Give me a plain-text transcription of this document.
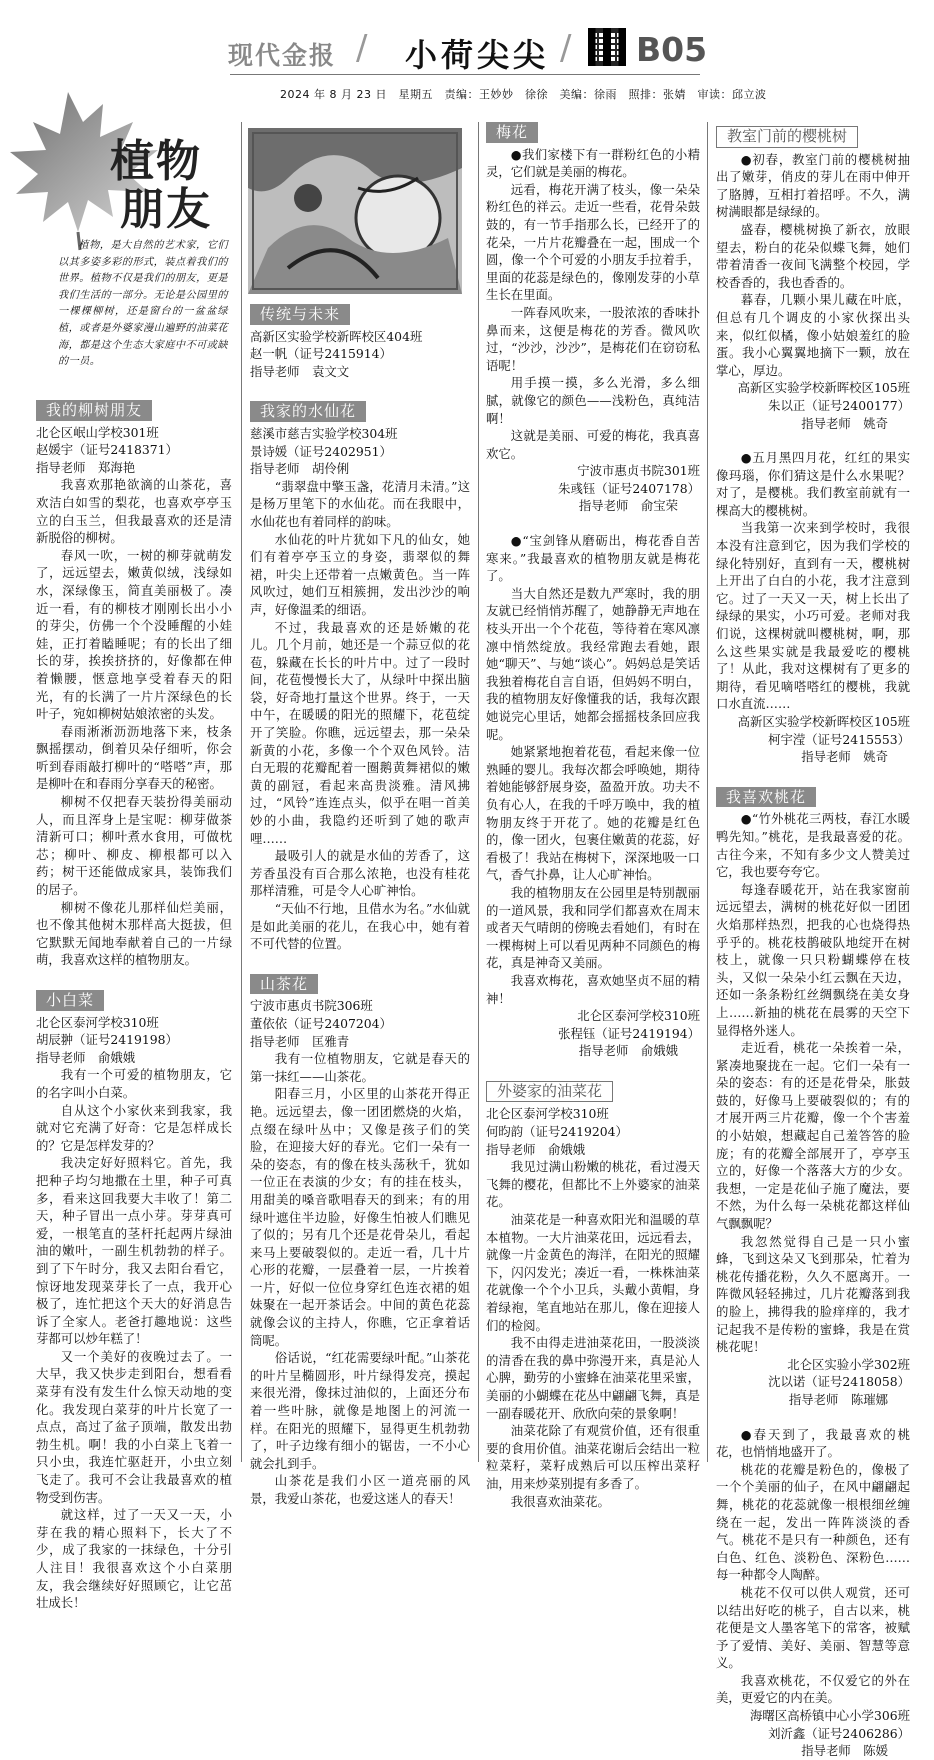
现代金报 / 小荷尖尖 / B05
2024 年 8 月 23 日　星期五　责编：王妙妙　徐徐　美编：徐雨　照排：张婧　审读：邱立波
植物
朋友

植物，是大自然的艺术家，它们以其多姿多彩的形式，装点着我们的世界。植物不仅是我们的朋友，更是我们生活的一部分。无论是公园里的一棵棵柳树，还是窗台的一盆盆绿植，或者是外婆家漫山遍野的油菜花海，都是这个生态大家庭中不可或缺的一员。

我的柳树朋友

北仑区岷山学校301班

赵媛宇（证号2418371）

指导老师　郑海艳

我喜欢那艳欲滴的山茶花，喜欢洁白如雪的梨花，也喜欢亭亭玉立的白玉兰，但我最喜欢的还是清新脱俗的柳树。

春风一吹，一树的柳芽就萌发了，远远望去，嫩黄似绒，浅绿如水，深绿像玉，简直美丽极了。凑近一看，有的柳枝才刚刚长出小小的芽尖，仿佛一个个没睡醒的小娃娃，正打着瞌睡呢；有的长出了细长的芽，挨挨挤挤的，好像都在伸着懒腰，惬意地享受着春天的阳光，有的长满了一片片深绿色的长叶子，宛如柳树姑娘浓密的头发。

春雨淅淅沥沥地落下来，枝条飘摇摆动，倒着贝朵仔细听，你会听到春雨敲打柳叶的“嗒嗒”声，那是柳叶在和春雨分享春天的秘密。

柳树不仅把春天装扮得美丽动人，而且浑身上是宝呢：柳芽做茶清新可口；柳叶煮水食用，可做枕芯；柳叶、柳皮、柳根都可以入药；树干还能做成家具，装饰我们的居子。

柳树不像花儿那样仙烂美丽，也不像其他树木那样高大挺拔，但它默默无闻地奉献着自己的一片绿萌，我喜欢这样的植物朋友。

小白菜

北仑区泰河学校310班

胡辰翀（证号2419198）

指导老师　俞娥娥

我有一个可爱的植物朋友，它的名字叫小白菜。

自从这个小家伙来到我家，我就对它充满了好奇：它是怎样成长的？它是怎样发芽的？

我决定好好照料它。首先，我把种子均匀地撒在土里，种子可真多，看来这回我要大丰收了！第二天，种子冒出一点小芽。芽芽真可爱，一根笔直的茎杆托起两片绿油油的嫩叶，一副生机勃勃的样子。到了下午时分，我又去阳台看它，惊讶地发现菜芽长了一点，我开心极了，连忙把这个天大的好消息告诉了全家人。老爸打趣地说：这些芽都可以炒年糕了！

又一个美好的夜晚过去了。一大早，我又快步走到阳台，想看看菜芽有没有发生什么惊天动地的变化。我发现白菜芽的叶片长宽了一点点，高过了盆子顶端，散发出勃勃生机。啊！我的小白菜上飞着一只小虫，我连忙驱赶开，小虫立刻飞走了。我可不会让我最喜欢的植物受到伤害。

就这样，过了一天又一天，小芽在我的精心照料下，长大了不少，成了我家的一抹绿色，十分引人注目！我很喜欢这个小白菜朋友，我会继续好好照顾它，让它茁壮成长！

传统与未来

高新区实验学校新晖校区404班

赵一帆（证号2415914）

指导老师　袁文文

我家的水仙花

慈溪市慈吉实验学校304班

景诗媛（证号2402951）

指导老师　胡伶俐

“翡翠盘中擎玉盏，花清月未清。”这是杨万里笔下的水仙花。而在我眼中，水仙花也有着同样的韵味。

水仙花的叶片犹如下凡的仙女，她们有着亭亭玉立的身姿，翡翠似的舞裙，叶尖上还带着一点嫩黄色。当一阵风吹过，她们互相簇拥，发出沙沙的响声，好像温柔的细语。

不过，我最喜欢的还是娇嫩的花儿。几个月前，她还是一个蒜豆似的花苞，躲藏在长长的叶片中。过了一段时间，花苞慢慢长大了，从绿叶中探出脑袋，好奇地打量这个世界。终于，一天中午，在暖暖的阳光的照耀下，花苞绽开了笑脸。你瞧，远远望去，那一朵朵新黄的小花，多像一个个双色风铃。洁白无瑕的花瓣配着一圈鹅黄舞裙似的嫩黄的副冠，看起来高贵淡雅。清风拂过，“风铃”连连点头，似乎在唱一首美妙的小曲，我隐约还听到了她的歌声哩……

最吸引人的就是水仙的芳香了，这芳香虽没有百合那么浓艳，也没有桂花那样清雅，可是令人心旷神怡。

“天仙不行地，且借水为名。”水仙就是如此美丽的花儿，在我心中，她有着不可代替的位置。

山茶花

宁波市惠贞书院306班

董依依（证号2407204）

指导老师　匡雅青

我有一位植物朋友，它就是春天的第一抹红——山茶花。

阳春三月，小区里的山茶花开得正艳。远远望去，像一团团燃烧的火焰，点缀在绿叶丛中；又像是孩子们的笑脸，在迎接大好的春光。它们一朵有一朵的姿态，有的像在枝头荡秋千，犹如一位正在表演的少女；有的挂在枝头，用甜美的嗓音歌唱春天的到来；有的用绿叶遮住半边脸，好像生怕被人们瞧见了似的；另有几个还是花骨朵儿，看起来马上要破裂似的。走近一看，几十片心形的花瓣，一层叠着一层，一片挨着一片，好似一位位身穿红色连衣裙的姐妹聚在一起开茶话会。中间的黄色花蕊就像会议的主持人，你瞧，它正拿着话筒呢。

俗话说，“红花需要绿叶配。”山茶花的叶片呈椭圆形，叶片绿得发亮，摸起来很光滑，像抹过油似的，上面还分布着一些叶脉，就像是地图上的河流一样。在阳光的照耀下，显得更生机勃勃了，叶子边缘有细小的锯齿，一不小心就会扎到手。

山茶花是我们小区一道亮丽的风景，我爱山茶花，也爱这迷人的春天！

梅花

●我们家楼下有一群粉红色的小精灵，它们就是美丽的梅花。

远看，梅花开满了枝头，像一朵朵粉红色的祥云。走近一些看，花骨朵鼓鼓的，有一节手指那么长，已经开了的花朵，一片片花瓣叠在一起，围成一个圆，像一个个可爱的小朋友手拉着手，里面的花蕊是绿色的，像刚发芽的小草生长在里面。

一阵春风吹来，一股浓浓的香味扑鼻而来，这便是梅花的芳香。微风吹过，“沙沙，沙沙”，是梅花们在窃窃私语呢！

用手摸一摸，多么光滑，多么细腻，就像它的颜色——浅粉色，真纯洁啊！

这就是美丽、可爱的梅花，我真喜欢它。

宁波市惠贞书院301班

朱彧钰（证号2407178）

指导老师　俞宝荣

●“宝剑锋从磨砺出，梅花香自苦寒来。”我最喜欢的植物朋友就是梅花了。

当大自然还是数九严寒时，我的朋友就已经悄悄苏醒了，她静静无声地在枝头开出一个个花苞，等待着在寒风凛凛中悄然绽放。我经常跑去看她，跟她“聊天”、与她“谈心”。妈妈总是笑话我独着梅花自言自语，但妈妈不明白，我的植物朋友好像懂我的话，我每次跟她说完心里话，她都会摇摇枝条回应我呢。

她紧紧地抱着花苞，看起来像一位熟睡的婴儿。我每次都会呼唤她，期待着她能够舒展身姿，盈盈开放。功夫不负有心人，在我的千呼万唤中，我的植物朋友终于开花了。她的花瓣是红色的，像一团火，包裹住嫩黄的花蕊，好看极了！我站在梅树下，深深地吸一口气，香气扑鼻，让人心旷神怡。

我的植物朋友在公园里是特别靓丽的一道风景，我和同学们都喜欢在周末或者天气晴朗的傍晚去看她们，有时在一棵梅树上可以看见两种不同颜色的梅花，真是神奇又美丽。

我喜欢梅花，喜欢她坚贞不屈的精神！

北仑区泰河学校310班

张程钰（证号2419194）

指导老师　俞娥娥

外婆家的油菜花

北仑区泰河学校310班

何昀韵（证号2419204）

指导老师　俞娥娥

我见过满山粉嫩的桃花，看过漫天飞舞的樱花，但都比不上外婆家的油菜花。

油菜花是一种喜欢阳光和温暖的草本植物。一大片油菜花田，远远看去，就像一片金黄色的海洋，在阳光的照耀下，闪闪发光；凑近一看，一株株油菜花就像一个个小卫兵，头戴小黄帽，身着绿袍，笔直地站在那儿，像在迎接人们的检阅。

我不由得走进油菜花田，一股淡淡的清香在我的鼻中弥漫开来，真是沁人心脾，勤劳的小蜜蜂在油菜花里采蜜，美丽的小蝴蝶在花丛中翩翩飞舞，真是一副春暖花开、欣欣向荣的景象啊！

油菜花除了有观赏价值，还有很重要的食用价值。油菜花谢后会结出一粒粒菜籽，菜籽成熟后可以压榨出菜籽油，用来炒菜别提有多香了。

我很喜欢油菜花。

教室门前的樱桃树

●初春，教室门前的樱桃树抽出了嫩芽，俏皮的芽儿在雨中伸开了胳膊，互相打着招呼。不久，满树满眼都是绿绿的。

盛春，樱桃树换了新衣，放眼望去，粉白的花朵似蝶飞舞，她们带着清香一夜间飞满整个校园，学校香香的，我也香香的。

暮春，几颗小果儿藏在叶底，但总有几个调皮的小家伙探出头来，似红似橘，像小姑娘羞红的脸蛋。我小心翼翼地摘下一颗，放在掌心，厚边。

高新区实验学校新晖校区105班

朱以正（证号2400177）

指导老师　姚奇

●五月黑四月花，红红的果实像玛瑙，你们猜这是什么水果呢？对了，是樱桃。我们教室前就有一棵高大的樱桃树。

当我第一次来到学校时，我很本没有注意到它，因为我们学校的绿化特别好，直到有一天，樱桃树上开出了白白的小花，我才注意到它。过了一天又一天，树上长出了绿绿的果实，小巧可爱。老师对我们说，这棵树就叫樱桃树，啊，那么这些果实就是我最爱吃的樱桃了！从此，我对这棵树有了更多的期待，看见嘀嗒嗒红的樱桃，我就口水直流……

高新区实验学校新晖校区105班

柯宇滢（证号2415553）

指导老师　姚奇

我喜欢桃花

●“竹外桃花三两枝，春江水暖鸭先知。”桃花，是我最喜爱的花。古往今来，不知有多少文人赞美过它，我也要夸夸它。

每逢春暖花开，站在我家窗前远远望去，满树的桃花好似一团团火焰那样热烈，把我的心也烧得热乎乎的。桃花枝鹊破队地绽开在树枝上，就像一只只粉蝴蝶停在枝头，又似一朵朵小红云飘在天边，还如一条条粉红丝绸飘绕在美女身上……新抽的桃花在晨雾的天空下显得格外迷人。

走近看，桃花一朵挨着一朵，紧凑地聚拢在一起。它们一朵有一朵的姿态：有的还是花骨朵，胀鼓鼓的，好像马上要破裂似的；有的才展开两三片花瓣，像一个个害羞的小姑娘，想藏起自己羞答答的脸庞；有的花瓣全部展开了，亭亭玉立的，好像一个落落大方的少女。我想，一定是花仙子施了魔法，要不然，为什么每一朵桃花都这样仙气飘飘呢？

我忽然觉得自己是一只小蜜蜂，飞到这朵又飞到那朵，忙着为桃花传播花粉，久久不愿离开。一阵微风轻轻拂过，几片花瓣落到我的脸上，拂得我的脸痒痒的，我才记起我不是传粉的蜜蜂，我是在赏桃花呢！

北仑区实验小学302班

沈以诺（证号2418058）

指导老师　陈璀娜

●春天到了，我最喜欢的桃花，也悄悄地盛开了。

桃花的花瓣是粉色的，像极了一个个美丽的仙子，在风中翩翩起舞，桃花的花蕊就像一根根细丝缠绕在一起，发出一阵阵淡淡的香气。桃花不是只有一种颜色，还有白色、红色、淡粉色、深粉色……每一种都令人陶醉。

桃花不仅可以供人观赏，还可以结出好吃的桃子，自古以来，桃花便是文人墨客笔下的常客，被赋予了爱情、美好、美丽、智慧等意义。

我喜欢桃花，不仅爱它的外在美，更爱它的内在美。

海曙区高桥镇中心小学306班

刘沂鑫（证号2406286）

指导老师　陈媛
